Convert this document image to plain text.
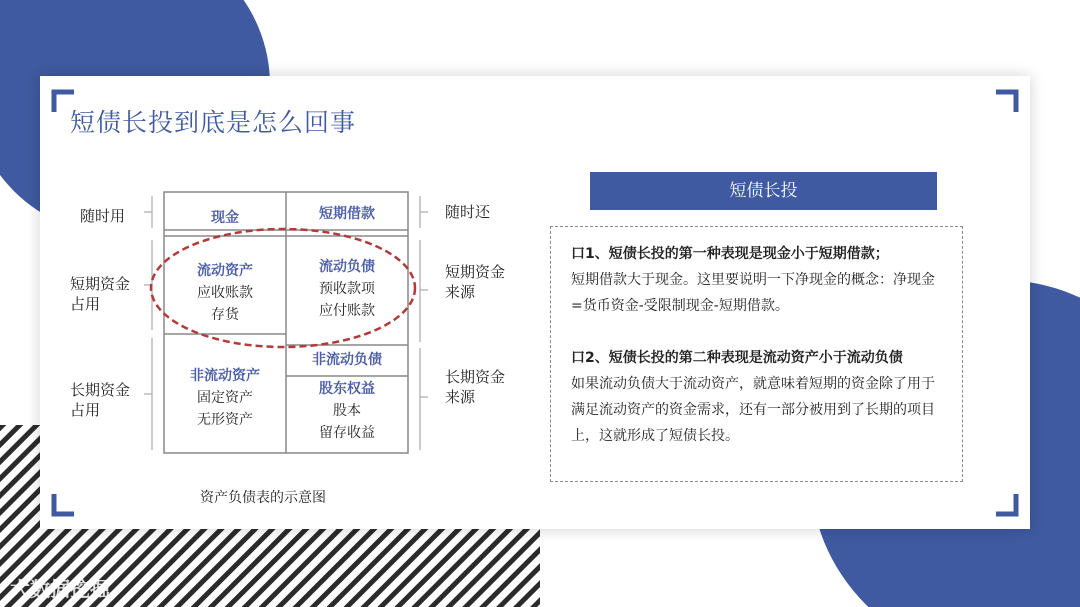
短债长投到底是怎么回事
随时用
短期资金
占用
长期资金
占用
随时还
短期资金
来源
长期资金
来源
现金	短期借款
流动资产
应收账款
存货
流动负债
预收款项
应付账款
非流动负债
非流动资产
固定资产
无形资产
股东权益
股本
留存收益
资产负债表的示意图
短债长投

口1、短债长投的第一种表现是现金小于短期借款；

短期借款大于现金。这里要说明一下净现金的概念：净现金=货币资金-受限制现金-短期借款。

口2、短债长投的第二种表现是流动资产小于流动负债

如果流动负债大于流动资产，就意味着短期的资金除了用于满足流动资产的资金需求，还有一部分被用到了长期的项目上，这就形成了短债长投。

大数据挖掘
